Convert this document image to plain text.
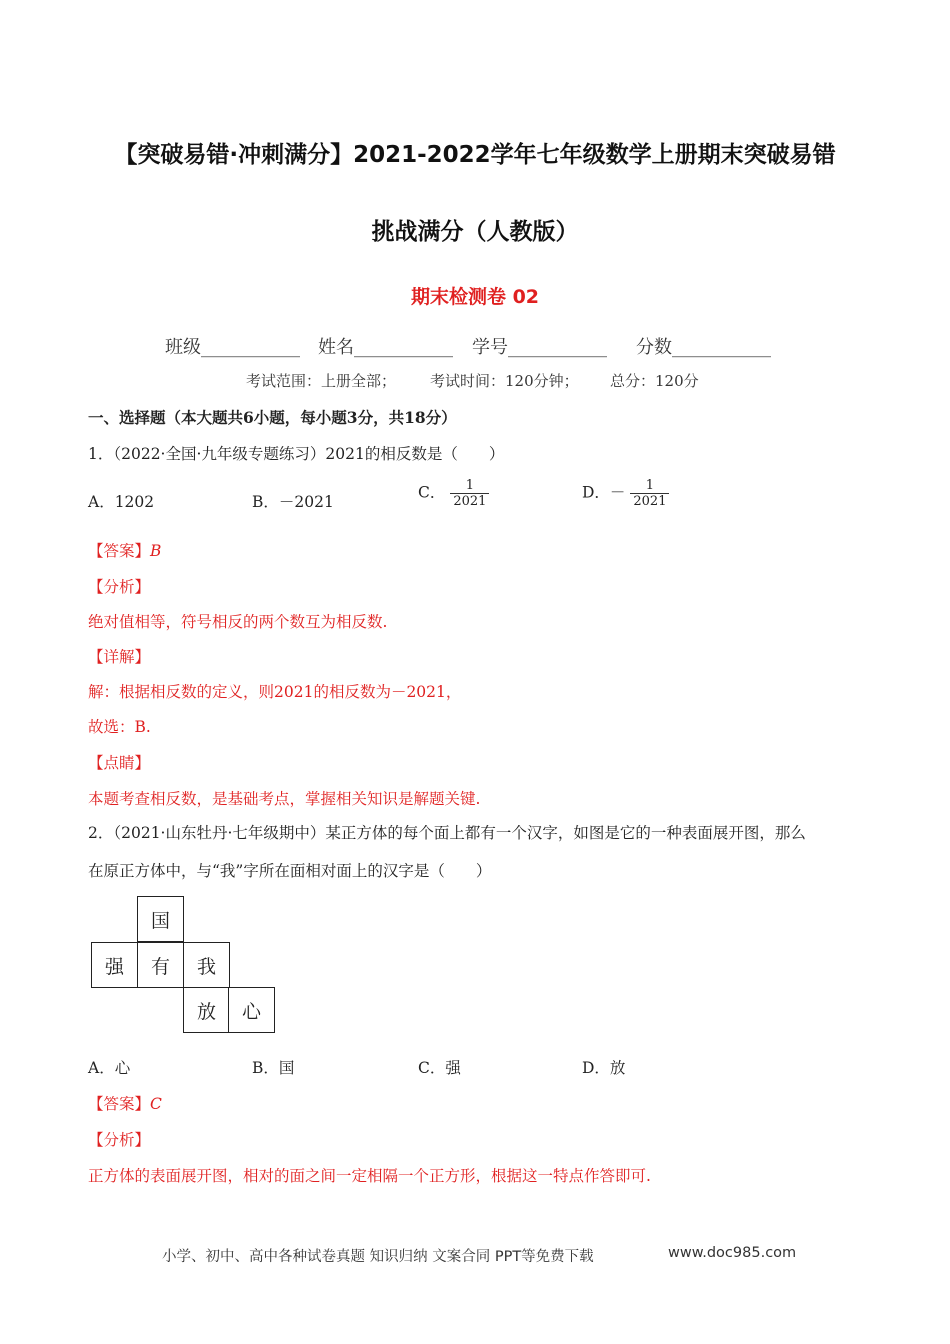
【突破易错·冲刺满分】2021-2022学年七年级数学上册期末突破易错
挑战满分（人教版）
期末检测卷 02
班级___________ 姓名___________ 学号___________ 分数___________
考试范围：上册全部； 考试时间：120分钟； 总分：120分
一、选择题（本大题共6小题，每小题3分，共18分）
1．（2022·全国·九年级专题练习）2021的相反数是（　　）
A．1202	B．－2021
C． $\frac{1}{2021}$	D．－ $\frac{1}{2021}$
【答案】B
【分析】
绝对值相等，符号相反的两个数互为相反数.
【详解】
解：根据相反数的定义，则2021的相反数为－2021，
故选：B.
【点睛】
本题考查相反数，是基础考点，掌握相关知识是解题关键.
2．（2021·山东牡丹·七年级期中）某正方体的每个面上都有一个汉字，如图是它的一种表面展开图，那么
在原正方体中，与“我”字所在面相对面上的汉字是（　　）
国
强	有	我
放	心
A．心	B．国	C．强	D．放
【答案】C
【分析】
正方体的表面展开图，相对的面之间一定相隔一个正方形，根据这一特点作答即可.
小学、初中、高中各种试卷真题 知识归纳 文案合同 PPT等免费下载	www.doc985.com
